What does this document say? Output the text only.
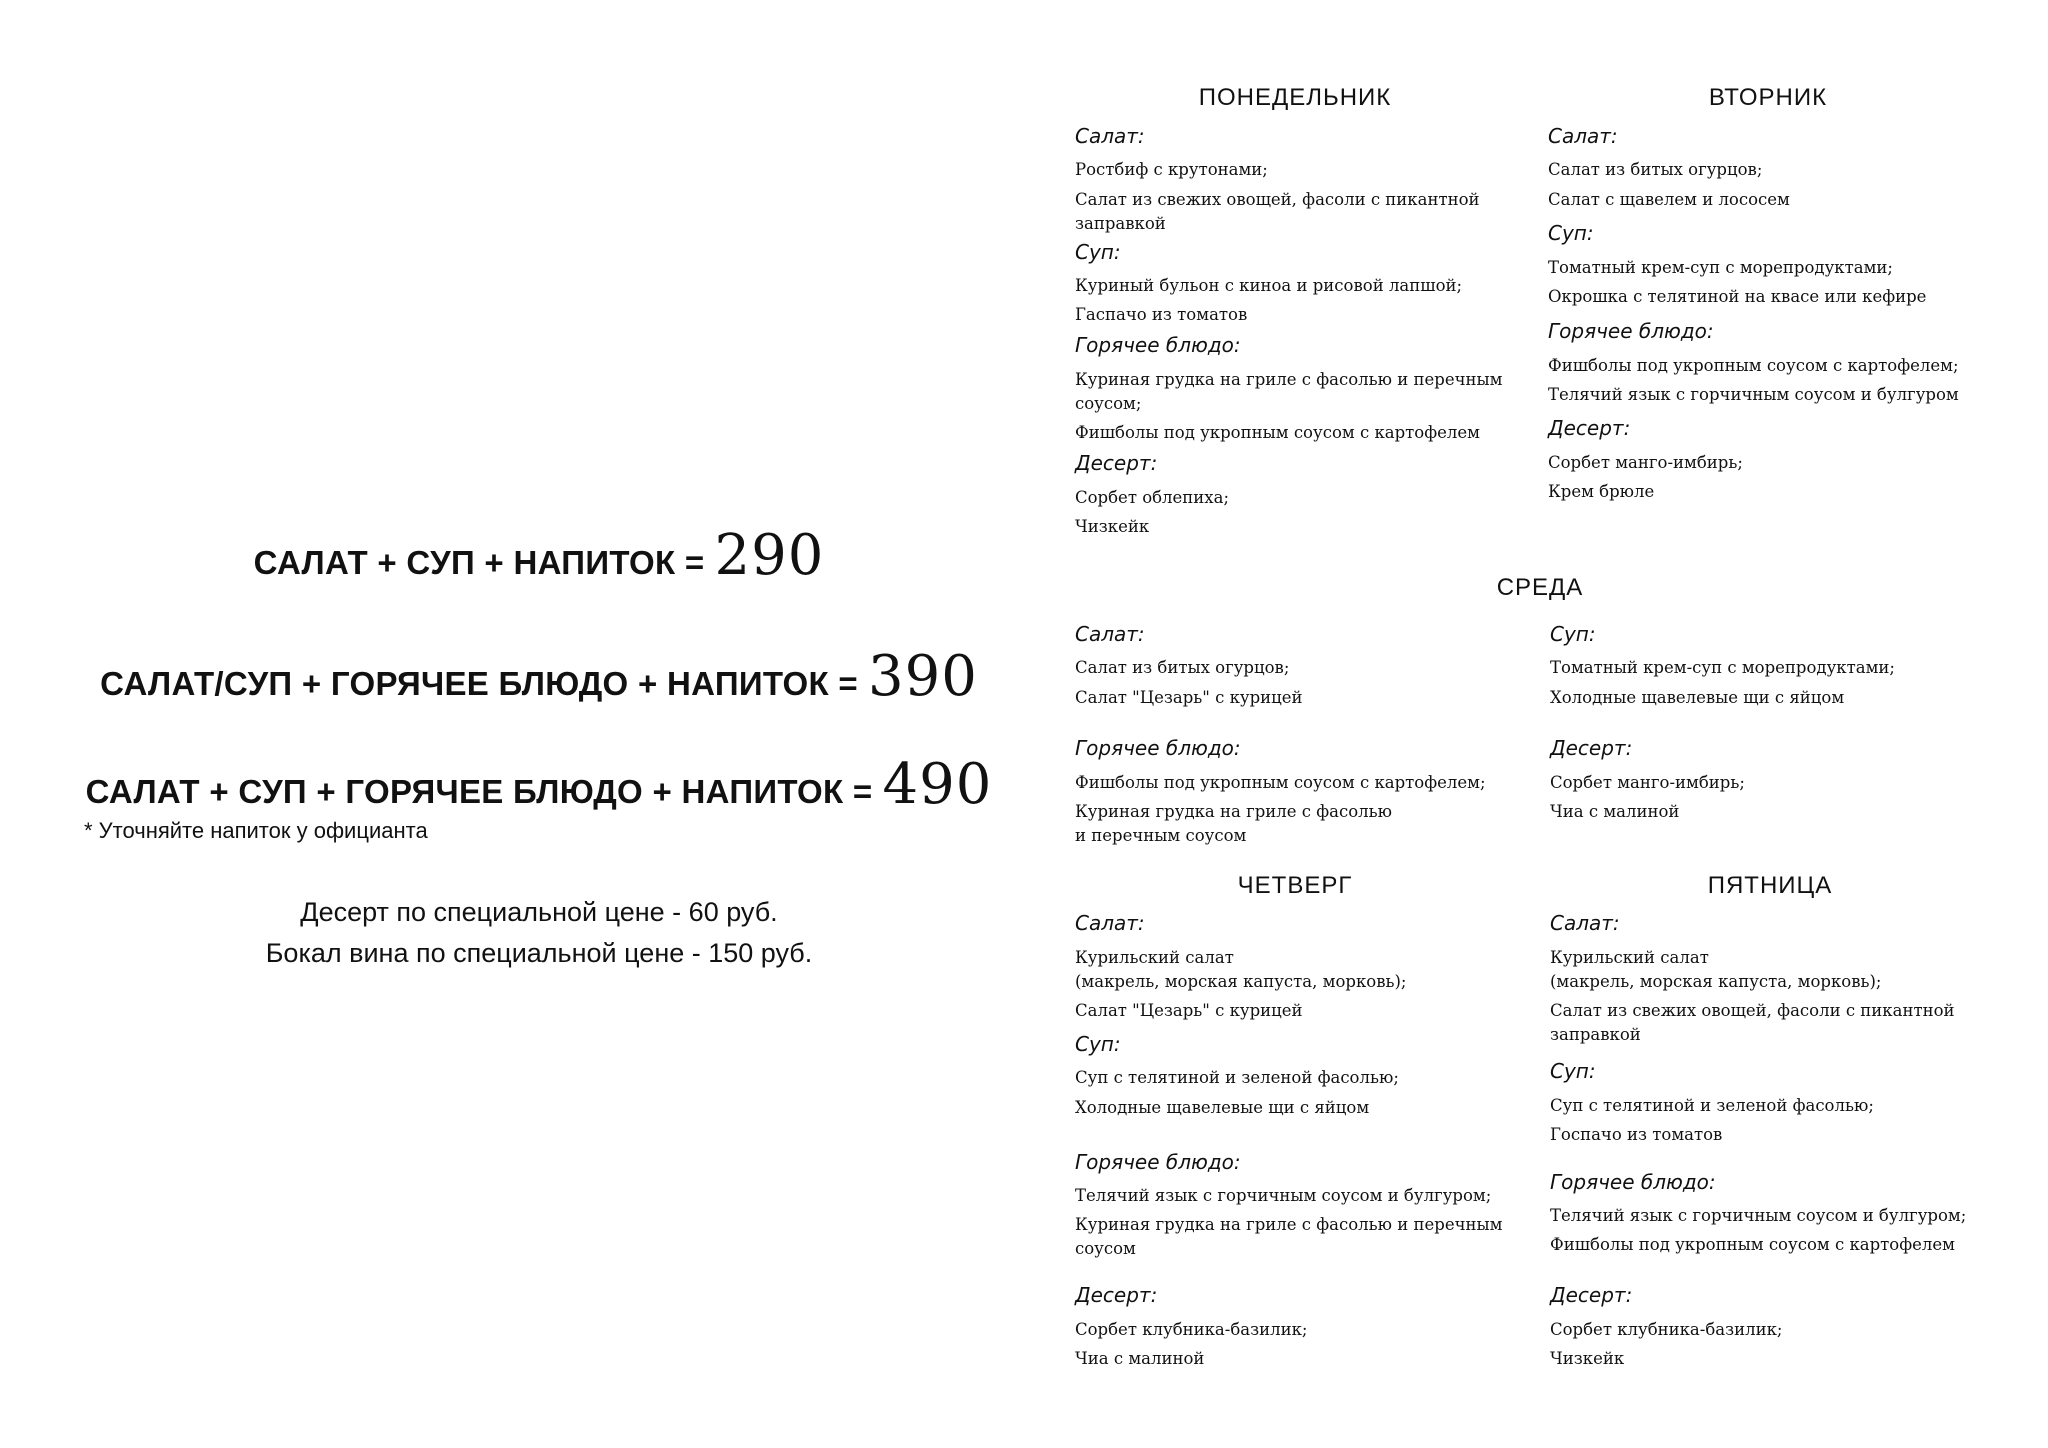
САЛАТ + СУП + НАПИТОК = 290
САЛАТ/СУП + ГОРЯЧЕЕ БЛЮДО + НАПИТОК = 390
САЛАТ + СУП + ГОРЯЧЕЕ БЛЮДО + НАПИТОК = 490
* Уточняйте напиток у официанта
Десерт по специальной цене - 60 руб.
Бокал вина по специальной цене - 150 руб.
ПОНЕДЕЛЬНИК
Салат:
Ростбиф с крутонами;
Салат из свежих овощей, фасоли с пикантной
заправкой
Суп:
Куриный бульон с киноа и рисовой лапшой;
Гаспачо из томатов
Горячее блюдо:
Куриная грудка на гриле с фасолью и перечным
соусом;
Фишболы под укропным соусом с картофелем
Десерт:
Сорбет облепиха;
Чизкейк
ВТОРНИК
Салат:
Салат из битых огурцов;
Салат с щавелем и лососем
Суп:
Томатный крем-суп с морепродуктами;
Окрошка с телятиной на квасе или кефире
Горячее блюдо:
Фишболы под укропным соусом с картофелем;
Телячий язык с горчичным соусом и булгуром
Десерт:
Сорбет манго-имбирь;
Крем брюле
СРЕДА
Салат:
Салат из битых огурцов;
Салат "Цезарь" с курицей
Суп:
Томатный крем-суп с морепродуктами;
Холодные щавелевые щи с яйцом
Горячее блюдо:
Фишболы под укропным соусом с картофелем;
Куриная грудка на гриле с фасолью
и перечным соусом
Десерт:
Сорбет манго-имбирь;
Чиа с малиной
ЧЕТВЕРГ
Салат:
Курильский салат
(макрель, морская капуста, морковь);
Салат "Цезарь" с курицей
Суп:
Суп с телятиной и зеленой фасолью;
Холодные щавелевые щи с яйцом
Горячее блюдо:
Телячий язык с горчичным соусом и булгуром;
Куриная грудка на гриле с фасолью и перечным
соусом
Десерт:
Сорбет клубника-базилик;
Чиа с малиной
ПЯТНИЦА
Салат:
Курильский салат
(макрель, морская капуста, морковь);
Салат из свежих овощей, фасоли с пикантной
заправкой
Суп:
Суп с телятиной и зеленой фасолью;
Госпачо из томатов
Горячее блюдо:
Телячий язык с горчичным соусом и булгуром;
Фишболы под укропным соусом с картофелем
Десерт:
Сорбет клубника-базилик;
Чизкейк
